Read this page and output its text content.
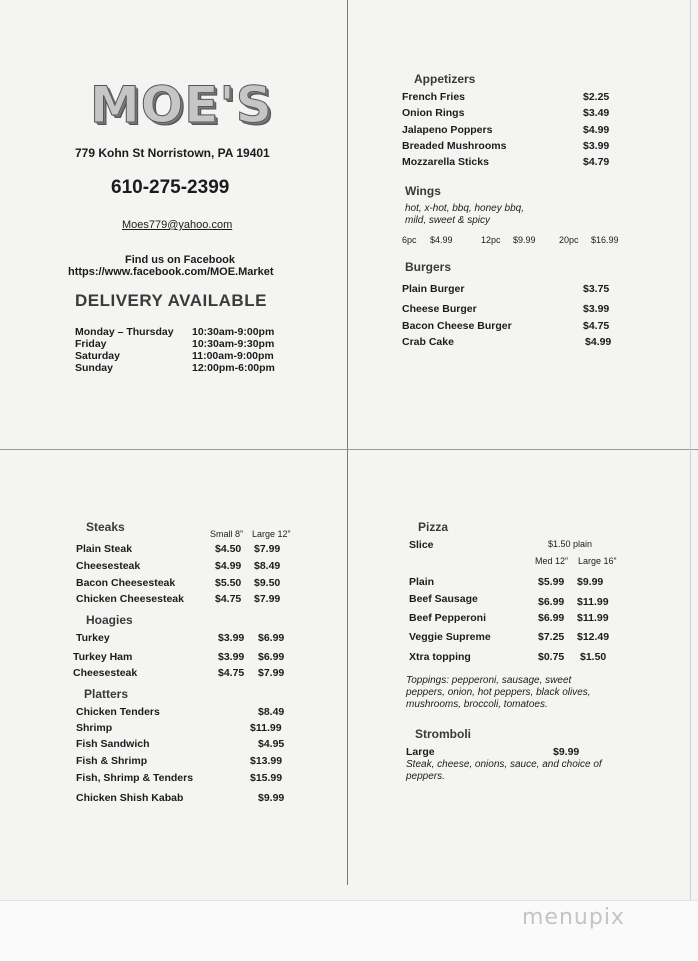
MOE'S
779 Kohn St Norristown, PA 19401
610-275-2399
Moes779@yahoo.com
Find us on Facebook
https://www.facebook.com/MOE.Market
DELIVERY AVAILABLE
Monday – Thursday 10:30am-9:00pm
Friday	10:30am-9:30pm
Saturday	11:00am-9:00pm
Sunday	12:00pm-6:00pm
Appetizers
French Fries	$2.25
Onion Rings	$3.49
Jalapeno Poppers	$4.99
Breaded Mushrooms	$3.99
Mozzarella Sticks	$4.79
Wings
hot, x-hot, bbq, honey bbq,
mild, sweet & spicy
6pc $4.99	12pc $9.99	20pc $16.99
Burgers
Plain Burger	$3.75
Cheese Burger	$3.99
Bacon Cheese Burger	$4.75
Crab Cake	$4.99
Steaks	Small 8” Large 12”
Plain Steak	$4.50 $7.99
Cheesesteak	$4.99 $8.49
Bacon Cheesesteak	$5.50 $9.50
Chicken Cheesesteak	$4.75 $7.99
Hoagies
Turkey	$3.99 $6.99
Turkey Ham	$3.99 $6.99
Cheesesteak	$4.75 $7.99
Platters
Chicken Tenders	$8.49
Shrimp	$11.99
Fish Sandwich	$4.95
Fish & Shrimp	$13.99
Fish, Shrimp & Tenders	$15.99
Chicken Shish Kabab	$9.99
Pizza
Slice	$1.50 plain
Med 12” Large 16”
Plain	$5.99 $9.99
Beef Sausage	$6.99 $11.99
Beef Pepperoni	$6.99 $11.99
Veggie Supreme	$7.25 $12.49
Xtra topping	$0.75 $1.50
Toppings: pepperoni, sausage, sweet
peppers, onion, hot peppers, black olives,
mushrooms, broccoli, tomatoes.
Stromboli
Large	$9.99
Steak, cheese, onions, sauce, and choice of
peppers.
menupix
